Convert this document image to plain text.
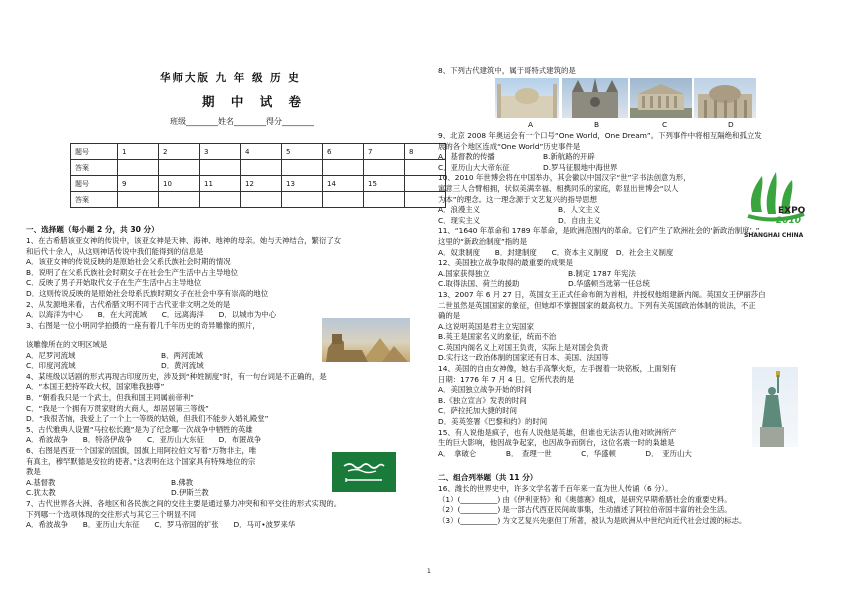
华师大版 九 年 级 历 史
期 中 试 卷
班级________姓名________得分________
题号	1	2	3	4	5	6	7	8
答案								
题号	9	10	11	12	13	14	15	
答案								
一、选择题（每小题 2 分，共 30 分）
1、在古希腊该亚女神的传说中，该亚女神是天神、海神、地神的母亲。她与天神结合，繁衍了女
和后代十余人，从这则神话传说中我们能得到的信息是
A．该亚女神的传说反映的是原始社会父系氏族社会时期的情况
B．说明了在父系氏族社会时期女子在社会生产生活中占主导地位
C．反映了男子开始取代女子在生产生活中占主导地位
D．这则传说反映的是原始社会母系氏族时期女子在社会中享有崇高的地位
2、从发源地来看，古代希腊文明不同于古代亚非文明之处的是
A．以海洋为中心　　B．在大河流域　　C．远离海洋　　D．以城市为中心
3、右图是一位小明同学拍摄的一座有着几千年历史的奇异雕像的照片，
该雕像所在的文明区域是
A．尼罗河流域	B．两河流域
C．印度河流域	D．黄河流域
4、某班级以话剧的形式再现古印度历史，涉及到“种姓制度”时，有一句台词是不正确的，是
A．“本国王把持军政大权，国家唯我独尊”
B．“朝看我只是一个武士，但我和国王同属前帝利”
C．“我是一个拥有万贯家财的大商人，却居居第三等级”
D．“我很苦恼，我爱上了一个上一等级的姑娘，但我们不能步入婚礼殿堂”
5、古代雅典人设置“马拉松长跑”是为了纪念哪一次战争中牺牲的英雄
A．希波战争　　B．特洛伊战争　　C．亚历山大东征　　D．布匿战争
6、右图是西亚一个国家的国旗，国旗上用阿拉伯文写着“万物非主，唯
有真主，穆罕默德是安拉的使者。”这表明在这个国家具有特殊地位的宗
教是
A.基督教	B.佛教
C.犹太教	D.伊斯兰教
7、古代世界各大洲、各地区和各民族之间的交往主要是通过暴力冲突和和平交往的形式实现的。
下列哪一个选项体现的交往形式与其它三个明显不同
A．希波战争　　B．亚历山大东征　　C．罗马帝国的扩张　　D．马可•波罗来华
8、下列古代建筑中，属于哥特式建筑的是
A	B	C	D
9、北京 2008 年奥运会有一个口号“One World，One Dream”。下列事件中将相互隔绝和孤立发
展的各个地区连成“One World”历史事件是
A．基督教的传播	B.新航路的开辟
C．亚历山大大帝东征	D.罗马征服地中海世界
10、2010 年世博会将在中国举办，其会徽以中国汉字“世”字书法创意为形，
寓意三人合臂相拥，状似美满幸福、相携同乐的家庭，彰显出世博会“以人
为本”的理念。这一理念源于文艺复兴的指导思想
A．浪漫主义	B．人文主义
C．现实主义	D．自由主义
11、“1640 年革命和 1789 年革命，是欧洲范围内的革命。它们产生了欧洲社会的‘新政治制度’。”
这里的“新政治制度”指的是
A．奴隶制度　　B．封建制度　　C．资本主义制度　D．社会主义制度
12、美国独立战争取得的最重要的成果是
A.国家获得独立	B.制定 1787 年宪法
C.取得法国、荷兰的援助	D.华盛顿当选第一任总统
13、2007 年 6 月 27 日，英国女王正式任命布朗为首相，并授权他组建新内阁。英国女王伊丽莎白
二世虽然是英国国家的象征，但她却不掌握国家的最高权力。下列有关英国政治体制的说法，不正
确的是
A.这说明英国是君主立宪国家
B.英王是国家名义的象征，统而不治
C.英国内阁名义上对国王负责，实际上是对国会负责
D.实行这一政治体制的国家还有日本、美国、法国等
14、美国的自由女神像，她右手高擎火炬，左手握着一块铭板，上面刻有
日期：1776 年 7 月 4 日。它所代表的是
A．美国独立战争开始的时间
B.《独立宣言》发表的时间
C．萨拉托加大捷的时间
D．美英签署《巴黎和约》的时间
15、有人说他是疯子，也有人说他是英雄，但谁也无法否认他对欧洲所产
生的巨大影响，他因战争起家，也因战争而倒台，这位名震一时的枭雄是
A．　拿破仑　　　　B．　查理一世　　　　C．华盛顿　　　　D．　亚历山大
EXPO
2010
SHANGHAI CHINA
二、组合列举题（共 11 分）
16、潍长的世界史中，许多文学名著千百年来一直为世人传诵（6 分）。
（1）(__________) 由《伊利亚特》和《奥德赛》组成，是研究早期希腊社会的重要史料。
（2）(__________) 是一部古代西亚民间故事集，生动描述了阿拉伯帝国丰富的社会生活。
（3）(__________) 为文艺复兴先驱但丁所著，被认为是欧洲从中世纪向近代社会过渡的标志。
1
